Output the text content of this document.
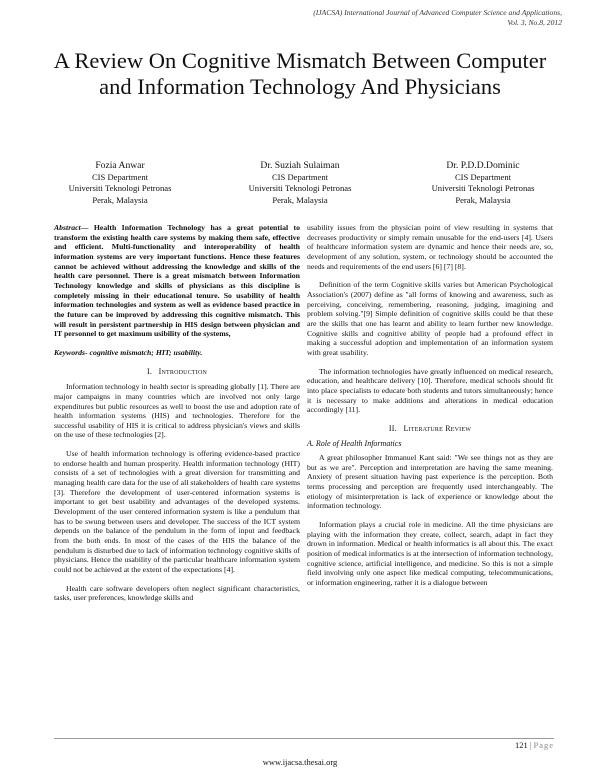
(IJACSA) International Journal of Advanced Computer Science and Applications,
Vol. 3, No.8, 2012
A Review On Cognitive Mismatch Between Computer and Information Technology And Physicians
Fozia Anwar
CIS Department
Universiti Teknologi Petronas
Perak, Malaysia
Dr. Suziah Sulaiman
CIS Department
Universiti Teknologi Petronas
Perak, Malaysia
Dr. P.D.D.Dominic
CIS Department
Universiti Teknologi Petronas
Perak, Malaysia

Abstract— Health Information Technology has a great potential to transform the existing health care systems by making them safe, effective and efficient. Multi-functionality and interoperability of health information systems are very important functions. Hence these features cannot be achieved without addressing the knowledge and skills of the health care personnel. There is a great mismatch between Information Technology knowledge and skills of physicians as this discipline is completely missing in their educational tenure. So usability of health information technologies and system as well as evidence based practice in the future can be improved by addressing this cognitive mismatch. This will result in persistent partnership in HIS design between physician and IT personnel to get maximum usibility of the systems,

Keywords- cognitive mismatch; HIT; usability.

I. Introduction

Information technology in health sector is spreading globally [1]. There are major campaigns in many countries which are involved not only large expenditures but public resources as well to boost the use and adoption rate of health information systems (HIS) and technologies. Therefore for the successful usability of HIS it is critical to address physician's views and skills on the use of these technologies [2].

Use of health information technology is offering evidence-based practice to endorse health and human prosperity. Health information technology (HIT) consists of a set of technologies with a great diversion for transmitting and managing health care data for the use of all stakeholders of health care systems [3]. Therefore the development of user-centered information systems is important to get best usability and advantages of the developed systems. Development of the user centered information system is like a pendulum that has to be swung between users and developer. The success of the ICT system depends on the balance of the pendulum in the form of input and feedback from the both ends. In most of the cases of the HIS the balance of the pendulum is disturbed due to lack of information technology cognitive skills of physicians. Hence the usability of the particular healthcare information system could not be achieved at the extent of the expectations [4].

Health care software developers often neglect significant characteristics, tasks, user preferences, knowledge skills and

usability issues from the physician point of view resulting in systems that decreases productivity or simply remain unusable for the end-users [4]. Users of healthcare information system are dynamic and hence their needs are, so, development of any solution, system, or technology should be accounted the needs and requirements of the end users [6] [7] [8].

Definition of the term Cognitive skills varies but American Psychological Association's (2007) define as "all forms of knowing and awareness, such as perceiving, conceiving, remembering, reasoning, judging, imagining and problem solving."[9] Simple definition of cognitive skills could be that these are the skills that one has learnt and ability to learn further new knowledge. Cognitive skills and cognitive ability of people had a profound effect in making a successful adoption and implementation of an information system with great usability.

The information technologies have greatly influenced on medical research, education, and healthcare delivery [10]. Therefore, medical schools should fit into place specialists to educate both students and tutors simultaneously; hence it is necessary to make additions and alterations in medical education accordingly [11].

II. Literature Review
A. Role of Health Informatics

A great philosopher Immanuel Kant said: "We see things not as they are but as we are". Perception and interpretation are having the same meaning. Anxiety of present situation having past experience is the perception. Both terms processing and perception are frequently used interchangeably. The etiology of misinterpretation is lack of experience or knowledge about the information technology.

Information plays a crucial role in medicine. All the time physicians are playing with the information they create, collect, search, adapt in fact they drown in information. Medical or health informatics is all about this. The exact position of medical informatics is at the intersection of information technology, cognitive science, artificial intelligence, and medicine. So this is not a simple field involving only one aspect like medical computing, telecommunications, or information engineering, rather it is a dialogue between

121 | Page
www.ijacsa.thesai.org
